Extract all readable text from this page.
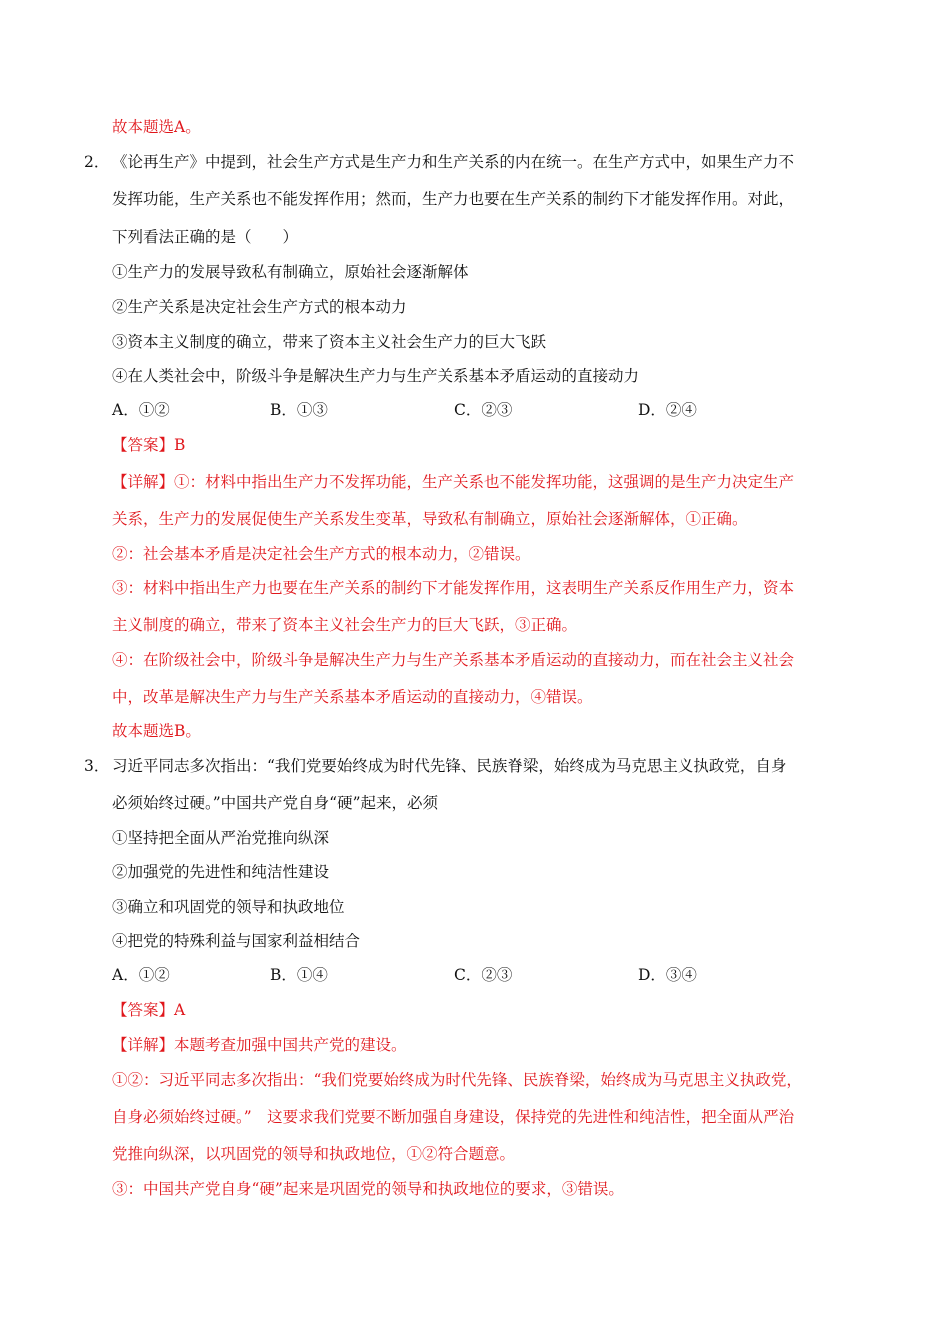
故本题选A。
2． 《论再生产》中提到，社会生产方式是生产力和生产关系的内在统一。在生产方式中，如果生产力不
发挥功能，生产关系也不能发挥作用；然而，生产力也要在生产关系的制约下才能发挥作用。对此，
下列看法正确的是（　　）
①生产力的发展导致私有制确立，原始社会逐渐解体
②生产关系是决定社会生产方式的根本动力
③资本主义制度的确立，带来了资本主义社会生产力的巨大飞跃
④在人类社会中，阶级斗争是解决生产力与生产关系基本矛盾运动的直接动力
A．①②	B．①③	C．②③	D．②④
【答案】B
【详解】①：材料中指出生产力不发挥功能，生产关系也不能发挥功能，这强调的是生产力决定生产
关系，生产力的发展促使生产关系发生变革，导致私有制确立，原始社会逐渐解体，①正确。
②：社会基本矛盾是决定社会生产方式的根本动力，②错误。
③：材料中指出生产力也要在生产关系的制约下才能发挥作用，这表明生产关系反作用生产力，资本
主义制度的确立，带来了资本主义社会生产力的巨大飞跃，③正确。
④：在阶级社会中，阶级斗争是解决生产力与生产关系基本矛盾运动的直接动力，而在社会主义社会
中，改革是解决生产力与生产关系基本矛盾运动的直接动力，④错误。
故本题选B。
3． 习近平同志多次指出：“我们党要始终成为时代先锋、民族脊梁，始终成为马克思主义执政党，自身
必须始终过硬。”中国共产党自身“硬”起来，必须
①坚持把全面从严治党推向纵深
②加强党的先进性和纯洁性建设
③确立和巩固党的领导和执政地位
④把党的特殊利益与国家利益相结合
A．①②	B．①④	C．②③	D．③④
【答案】A
【详解】本题考查加强中国共产党的建设。
①②：习近平同志多次指出：“我们党要始终成为时代先锋、民族脊梁，始终成为马克思主义执政党，
自身必须始终过硬。”　这要求我们党要不断加强自身建设，保持党的先进性和纯洁性，把全面从严治
党推向纵深，以巩固党的领导和执政地位，①②符合题意。
③：中国共产党自身“硬”起来是巩固党的领导和执政地位的要求，③错误。
